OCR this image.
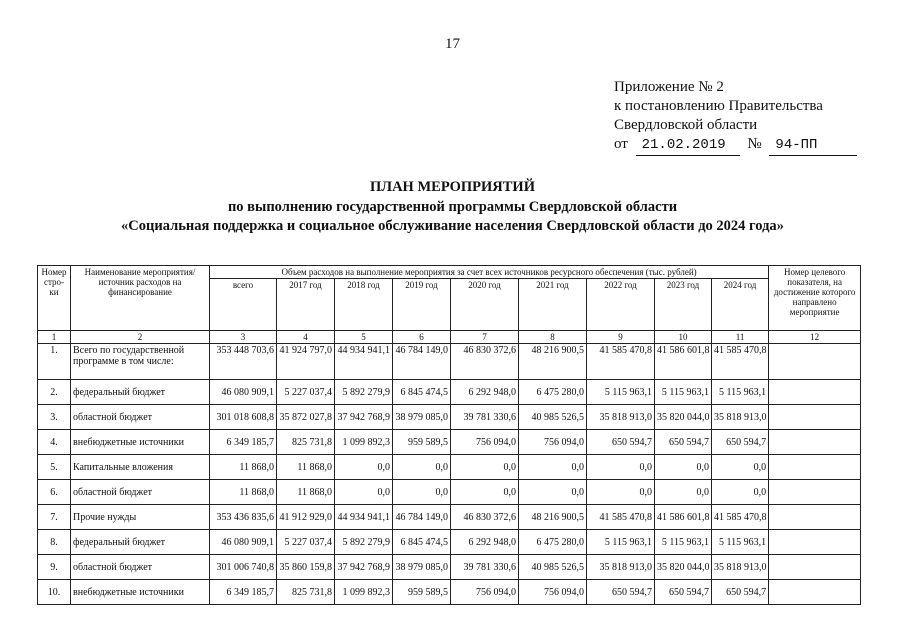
17
Приложение № 2
к постановлению Правительства
Свердловской области
от 21.02.2019 № 94-ПП
ПЛАН МЕРОПРИЯТИЙ
по выполнению государственной программы Свердловской области
«Социальная поддержка и социальное обслуживание населения Свердловской области до 2024 года»
Номер стро-ки	Наименование мероприятия/ источник расходов на финансирование	Объем расходов на выполнение мероприятия за счет всех источников ресурсного обеспечения (тыс. рублей)									Номер целевого показателя, на достижение которого направлено мероприятие
		всего	2017 год	2018 год	2019 год	2020 год	2021 год	2022 год	2023 год	2024 год	
1	2	3	4	5	6	7	8	9	10	11	12
1.	Всего по государственной программе в том числе:	353 448 703,6	41 924 797,0	44 934 941,1	46 784 149,0	46 830 372,6	48 216 900,5	41 585 470,8	41 586 601,8	41 585 470,8	
2.	федеральный бюджет	46 080 909,1	5 227 037,4	5 892 279,9	6 845 474,5	6 292 948,0	6 475 280,0	5 115 963,1	5 115 963,1	5 115 963,1	
3.	областной бюджет	301 018 608,8	35 872 027,8	37 942 768,9	38 979 085,0	39 781 330,6	40 985 526,5	35 818 913,0	35 820 044,0	35 818 913,0	
4.	внебюджетные источники	6 349 185,7	825 731,8	1 099 892,3	959 589,5	756 094,0	756 094,0	650 594,7	650 594,7	650 594,7	
5.	Капитальные вложения	11 868,0	11 868,0	0,0	0,0	0,0	0,0	0,0	0,0	0,0	
6.	областной бюджет	11 868,0	11 868,0	0,0	0,0	0,0	0,0	0,0	0,0	0,0	
7.	Прочие нужды	353 436 835,6	41 912 929,0	44 934 941,1	46 784 149,0	46 830 372,6	48 216 900,5	41 585 470,8	41 586 601,8	41 585 470,8	
8.	федеральный бюджет	46 080 909,1	5 227 037,4	5 892 279,9	6 845 474,5	6 292 948,0	6 475 280,0	5 115 963,1	5 115 963,1	5 115 963,1	
9.	областной бюджет	301 006 740,8	35 860 159,8	37 942 768,9	38 979 085,0	39 781 330,6	40 985 526,5	35 818 913,0	35 820 044,0	35 818 913,0	
10.	внебюджетные источники	6 349 185,7	825 731,8	1 099 892,3	959 589,5	756 094,0	756 094,0	650 594,7	650 594,7	650 594,7	
